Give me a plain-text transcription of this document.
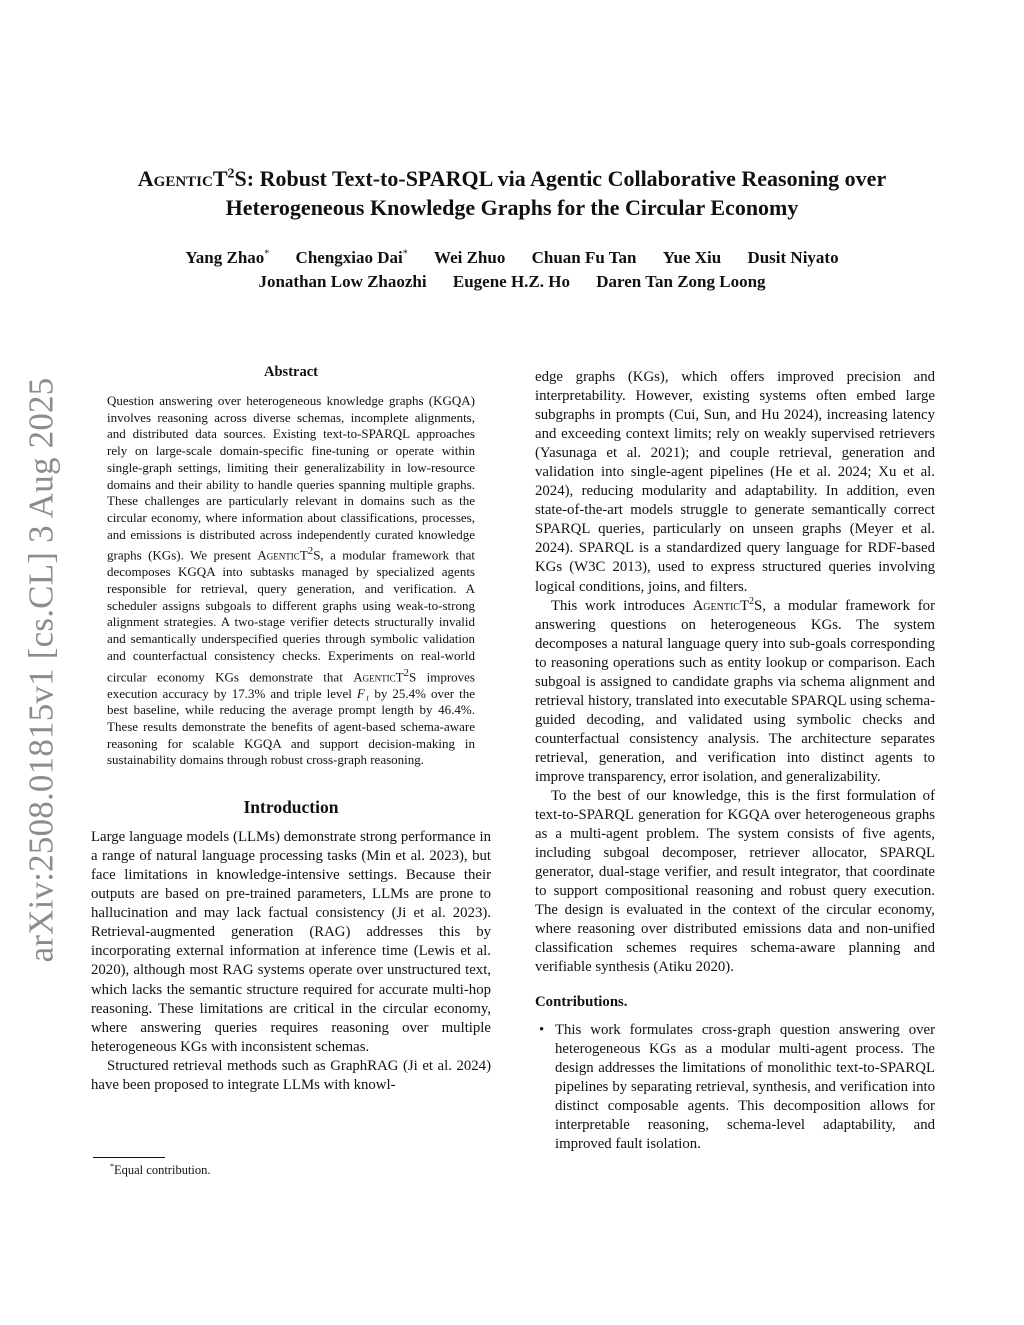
arXiv:2508.01815v1 [cs.CL] 3 Aug 2025
AgenticT$^2$S: Robust Text-to-SPARQL via Agentic Collaborative Reasoning over
Heterogeneous Knowledge Graphs for the Circular Economy
Yang Zhao* Chengxiao Dai* Wei Zhuo Chuan Fu Tan Yue Xiu Dusit Niyato
Jonathan Low Zhaozhi Eugene H.Z. Ho Daren Tan Zong Loong
Abstract

Question answering over heterogeneous knowledge graphs (KGQA) involves reasoning across diverse schemas, incomplete alignments, and distributed data sources. Existing text-to-SPARQL approaches rely on large-scale domain-specific fine-tuning or operate within single-graph settings, limiting their generalizability in low-resource domains and their ability to handle queries spanning multiple graphs. These challenges are particularly relevant in domains such as the circular economy, where information about classifications, processes, and emissions is distributed across independently curated knowledge graphs (KGs). We present AgenticT$^2$S, a modular framework that decomposes KGQA into subtasks managed by specialized agents responsible for retrieval, query generation, and verification. A scheduler assigns subgoals to different graphs using weak-to-strong alignment strategies. A two-stage verifier detects structurally invalid and semantically underspecified queries through symbolic validation and counterfactual consistency checks. Experiments on real-world circular economy KGs demonstrate that AgenticT$^2$S improves execution accuracy by 17.3% and triple level F₁ by 25.4% over the best baseline, while reducing the average prompt length by 46.4%. These results demonstrate the benefits of agent-based schema-aware reasoning for scalable KGQA and support decision-making in sustainability domains through robust cross-graph reasoning.

Introduction

Large language models (LLMs) demonstrate strong performance in a range of natural language processing tasks (Min et al. 2023), but face limitations in knowledge-intensive settings. Because their outputs are based on pre-trained parameters, LLMs are prone to hallucination and may lack factual consistency (Ji et al. 2023). Retrieval-augmented generation (RAG) addresses this by incorporating external information at inference time (Lewis et al. 2020), although most RAG systems operate over unstructured text, which lacks the semantic structure required for accurate multi-hop reasoning. These limitations are critical in the circular economy, where answering queries requires reasoning over multiple heterogeneous KGs with inconsistent schemas.

Structured retrieval methods such as GraphRAG (Ji et al. 2024) have been proposed to integrate LLMs with knowl-

*Equal contribution.

edge graphs (KGs), which offers improved precision and interpretability. However, existing systems often embed large subgraphs in prompts (Cui, Sun, and Hu 2024), increasing latency and exceeding context limits; rely on weakly supervised retrievers (Yasunaga et al. 2021); and couple retrieval, generation and validation into single-agent pipelines (He et al. 2024; Xu et al. 2024), reducing modularity and adaptability. In addition, even state-of-the-art models struggle to generate semantically correct SPARQL queries, particularly on unseen graphs (Meyer et al. 2024). SPARQL is a standardized query language for RDF-based KGs (W3C 2013), used to express structured queries involving logical conditions, joins, and filters.

This work introduces AgenticT$^2$S, a modular framework for answering questions on heterogeneous KGs. The system decomposes a natural language query into sub-goals corresponding to reasoning operations such as entity lookup or comparison. Each subgoal is assigned to candidate graphs via schema alignment and retrieval history, translated into executable SPARQL using schema-guided decoding, and validated using symbolic checks and counterfactual consistency analysis. The architecture separates retrieval, generation, and verification into distinct agents to improve transparency, error isolation, and generalizability.

To the best of our knowledge, this is the first formulation of text-to-SPARQL generation for KGQA over heterogeneous graphs as a multi-agent problem. The system consists of five agents, including subgoal decomposer, retriever allocator, SPARQL generator, dual-stage verifier, and result integrator, that coordinate to support compositional reasoning and robust query execution. The design is evaluated in the context of the circular economy, where reasoning over distributed emissions data and non-unified classification schemes requires schema-aware planning and verifiable synthesis (Atiku 2020).

Contributions.
• This work formulates cross-graph question answering over heterogeneous KGs as a modular multi-agent process. The design addresses the limitations of monolithic text-to-SPARQL pipelines by separating retrieval, synthesis, and verification into distinct composable agents. This decomposition allows for interpretable reasoning, schema-level adaptability, and improved fault isolation.
